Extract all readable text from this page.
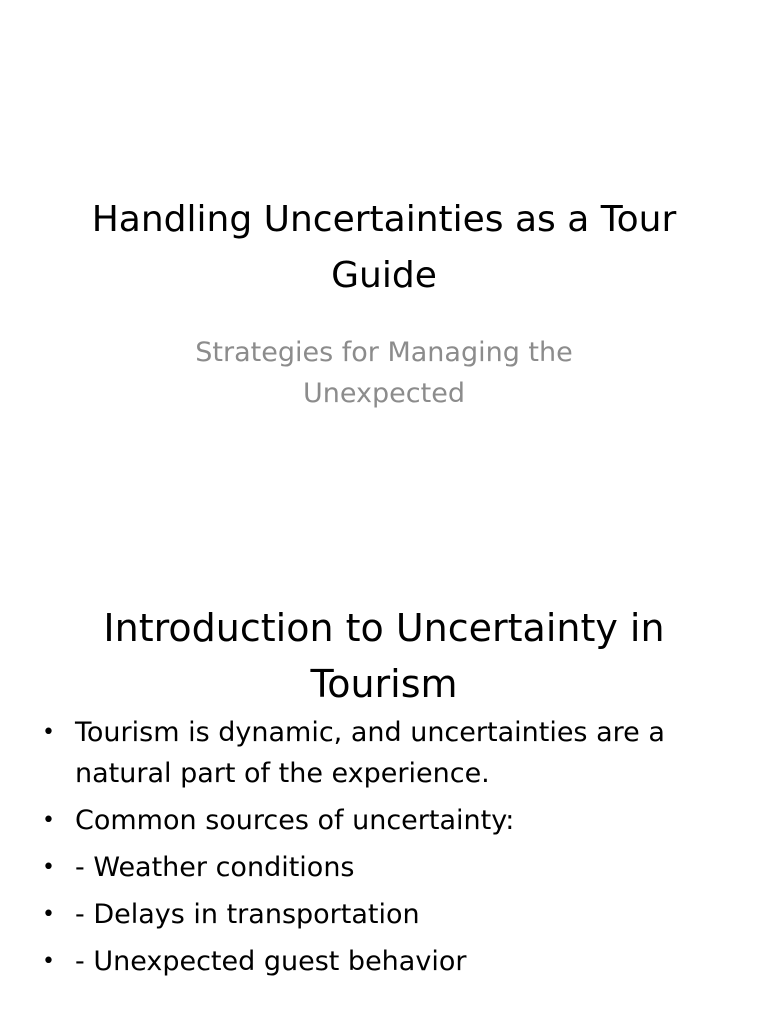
Handling Uncertainties as a Tour Guide

Strategies for Managing the Unexpected

Introduction to Uncertainty in Tourism
• Tourism is dynamic, and uncertainties are a natural part of the experience.
• Common sources of uncertainty:
• - Weather conditions
• - Delays in transportation
• - Unexpected guest behavior
